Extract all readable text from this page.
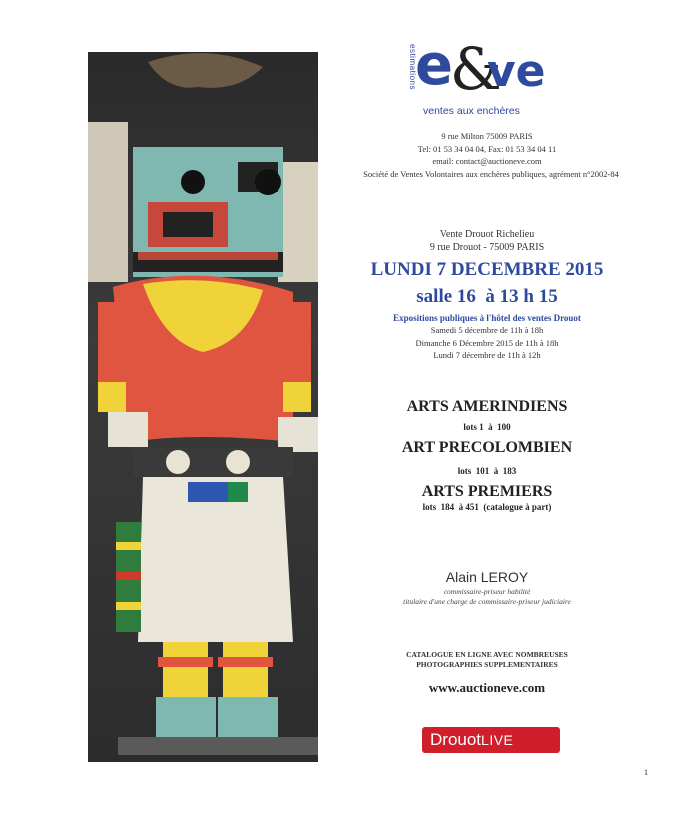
e
&
ve
estimations
ventes aux enchères
9 rue Milton 75009 PARIS
Tel: 01 53 34 04 04, Fax: 01 53 34 04 11
email: contact@auctioneve.com
Société de Ventes Volontaires aux enchères publiques, agrément n°2002-84
Vente Drouot Richelieu
9 rue Drouot - 75009 PARIS
LUNDI 7 DECEMBRE 2015
salle 16  à 13 h 15
Expositions publiques à l'hôtel des ventes Drouot
Samedi 5 décembre de 11h à 18h
Dimanche 6 Décembre 2015 de 11h à 18h
Lundi 7 décembre de 11h à 12h
ARTS AMERINDIENS
lots 1  à  100
ART PRECOLOMBIEN
lots  101  à  183
ARTS PREMIERS
lots  184  à 451  (catalogue à part)
Alain LEROY
commissaire-priseur habilité
titulaire d'une charge de commissaire-priseur judiciaire
CATALOGUE EN LIGNE AVEC NOMBREUSES
PHOTOGRAPHIES SUPPLEMENTAIRES
www.auctioneve.com
DrouotLIVE
1
